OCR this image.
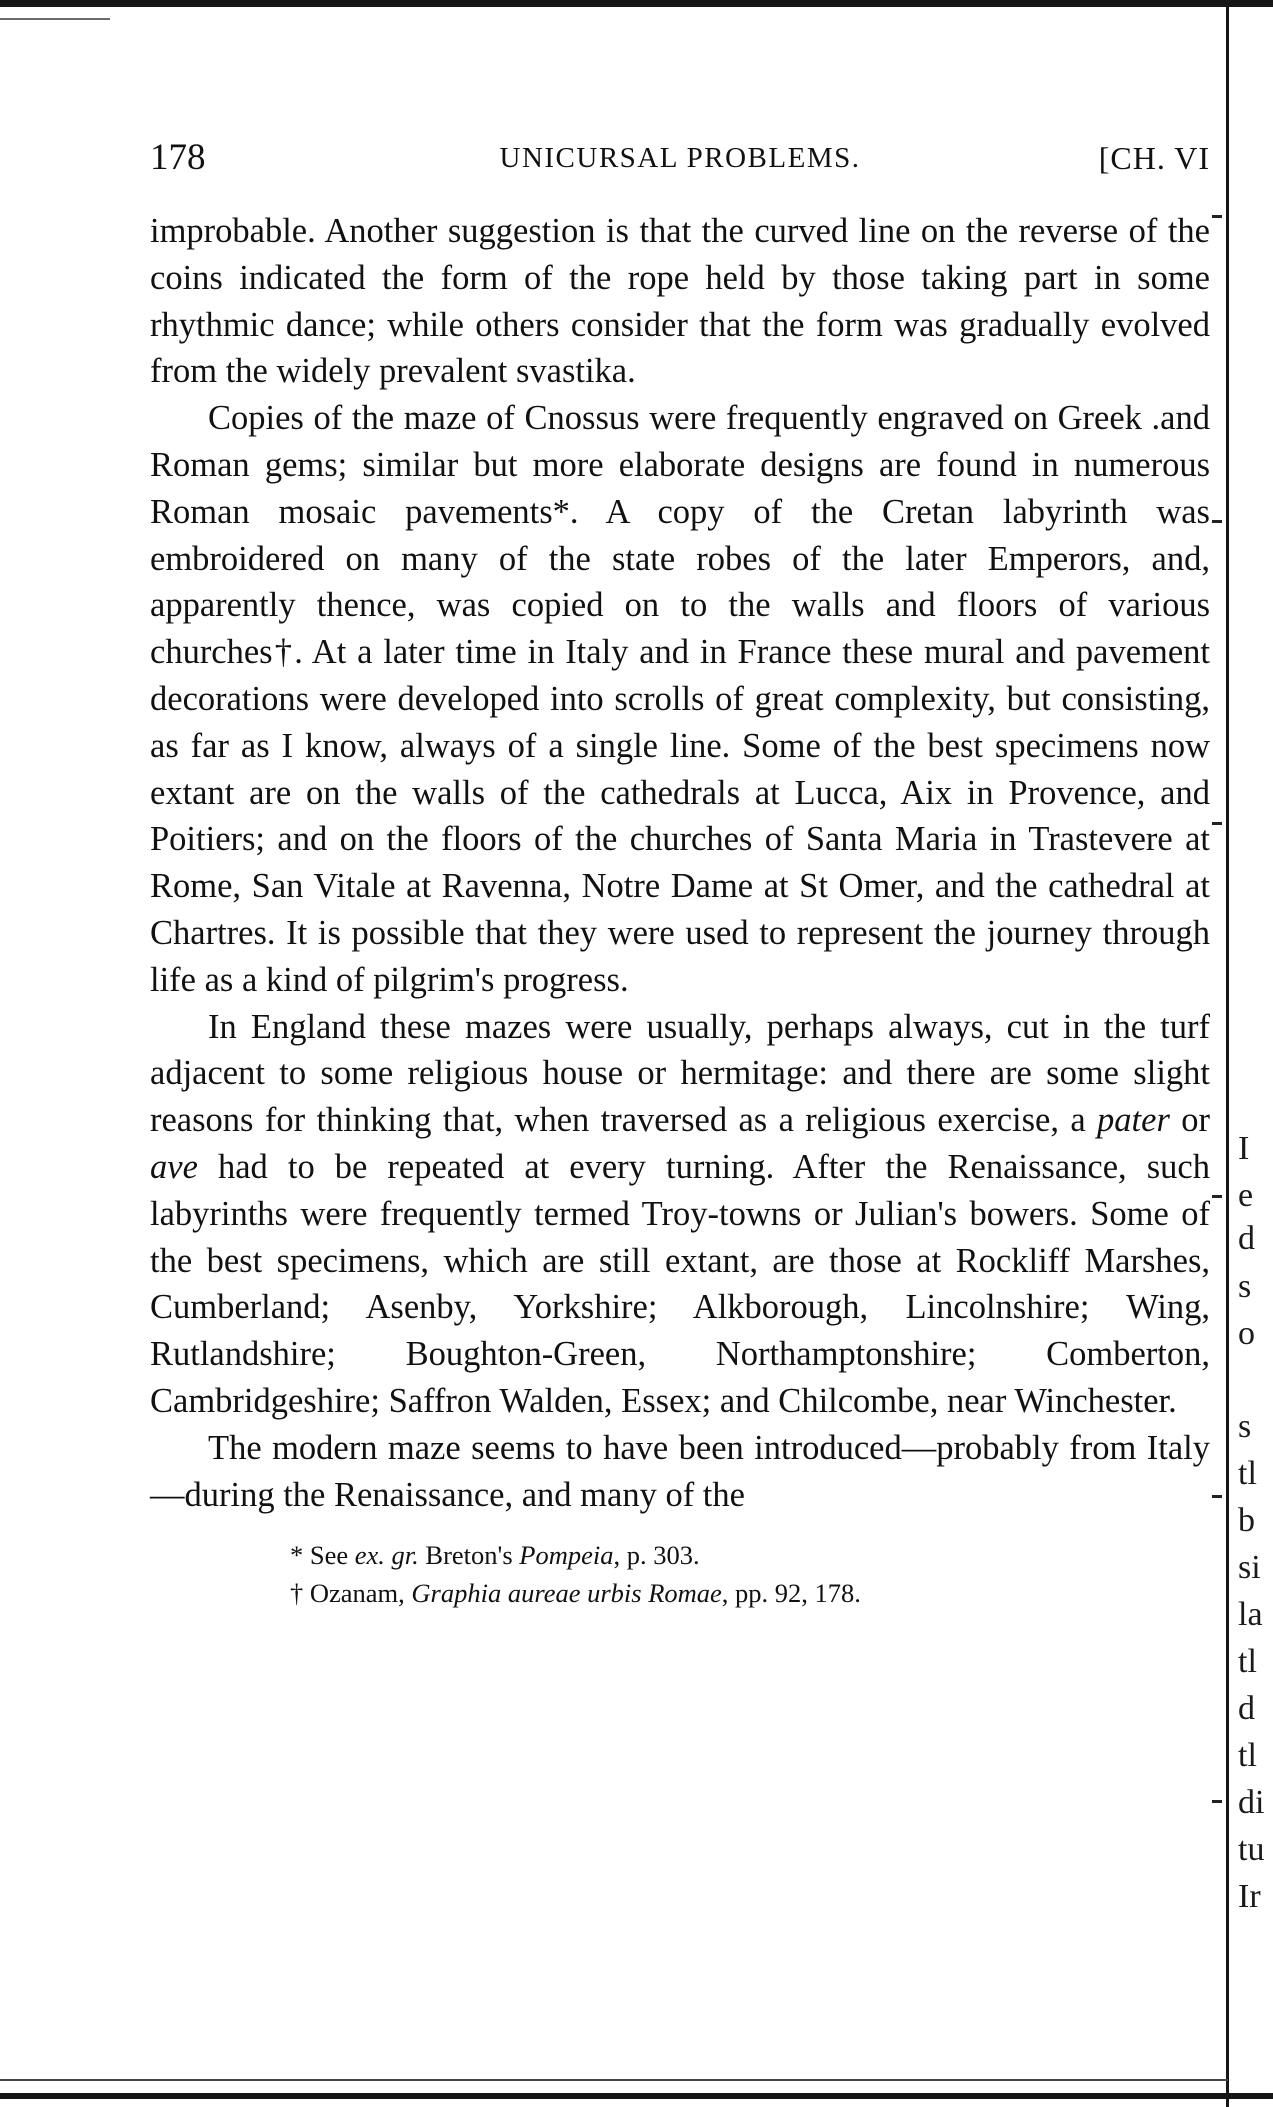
178	UNICURSAL PROBLEMS.	[CH. VI

improbable. Another suggestion is that the curved line on the reverse of the coins indicated the form of the rope held by those taking part in some rhythmic dance; while others consider that the form was gradually evolved from the widely prevalent svastika.

Copies of the maze of Cnossus were frequently engraved on Greek .and Roman gems; similar but more elaborate designs are found in numerous Roman mosaic pavements*. A copy of the Cretan labyrinth was embroidered on many of the state robes of the later Emperors, and, apparently thence, was copied on to the walls and floors of various churches†. At a later time in Italy and in France these mural and pavement decorations were developed into scrolls of great complexity, but consisting, as far as I know, always of a single line. Some of the best specimens now extant are on the walls of the cathedrals at Lucca, Aix in Provence, and Poitiers; and on the floors of the churches of Santa Maria in Trastevere at Rome, San Vitale at Ravenna, Notre Dame at St Omer, and the cathedral at Chartres. It is possible that they were used to represent the journey through life as a kind of pilgrim's progress.

In England these mazes were usually, perhaps always, cut in the turf adjacent to some religious house or hermitage: and there are some slight reasons for thinking that, when traversed as a religious exercise, a pater or ave had to be repeated at every turning. After the Renaissance, such labyrinths were frequently termed Troy-towns or Julian's bowers. Some of the best specimens, which are still extant, are those at Rockliff Marshes, Cumberland; Asenby, Yorkshire; Alkborough, Lincolnshire; Wing, Rutlandshire; Boughton-Green, Northamptonshire; Comberton, Cambridgeshire; Saffron Walden, Essex; and Chilcombe, near Winchester.

The modern maze seems to have been introduced—probably from Italy—during the Renaissance, and many of the

* See ex. gr. Breton's Pompeia, p. 303.
† Ozanam, Graphia aureae urbis Romae, pp. 92, 178.
I
e
d
s
o
s
tl
b
si
la
tl
d
tl
di
tu
Ir
